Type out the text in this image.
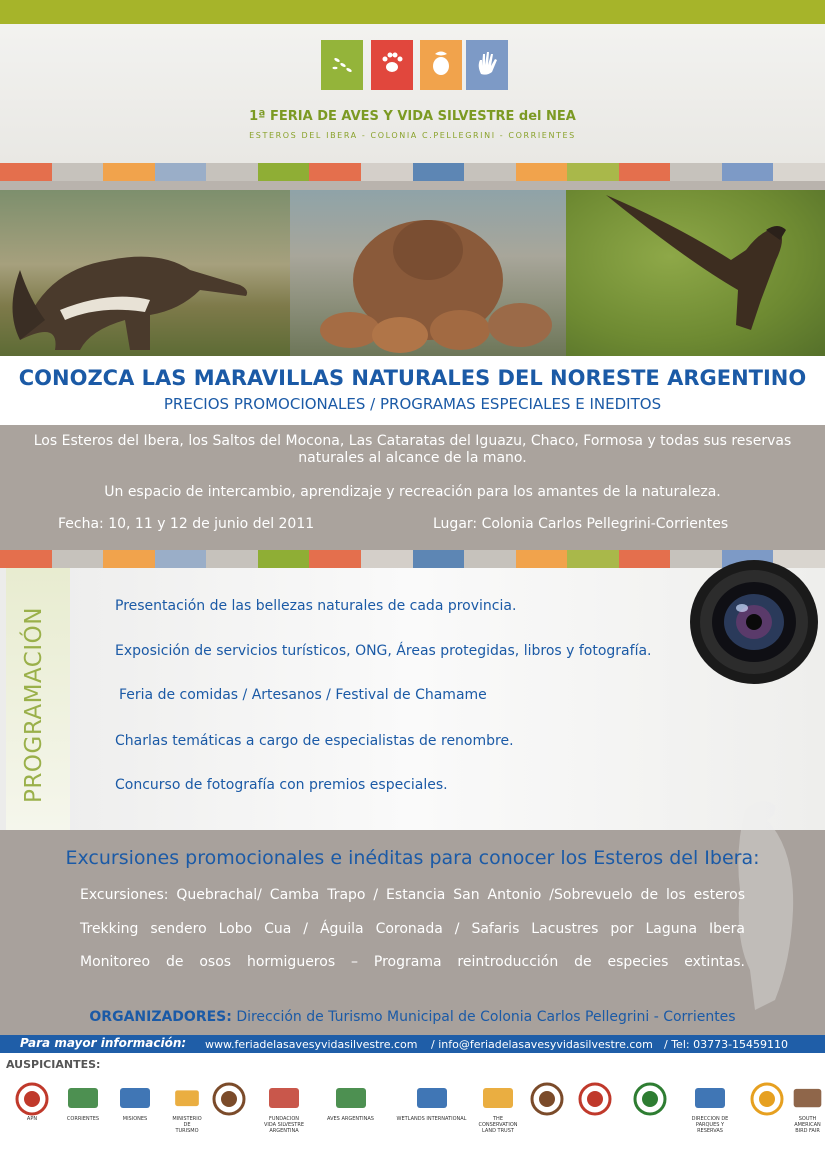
1ª FERIA DE AVES Y VIDA SILVESTRE del NEA
ESTEROS DEL IBERA - COLONIA C.PELLEGRINI - CORRIENTES
CONOZCA LAS MARAVILLAS NATURALES DEL NORESTE ARGENTINO
PRECIOS PROMOCIONALES / PROGRAMAS ESPECIALES E INEDITOS
Los Esteros del Ibera, los Saltos del Mocona, Las Cataratas del Iguazu, Chaco, Formosa y todas sus reservas naturales al alcance de la mano.
Un espacio de intercambio, aprendizaje y recreación para los amantes de la naturaleza.
Fecha: 10, 11 y 12 de junio del 2011	Lugar: Colonia Carlos Pellegrini-Corrientes
PROGRAMACIÓN
Presentación de las bellezas naturales de cada provincia.
Exposición de servicios turísticos, ONG, Áreas protegidas, libros y fotografía.
Feria de comidas / Artesanos / Festival de Chamame
Charlas temáticas a cargo de especialistas de renombre.
Concurso de fotografía con premios especiales.
Excursiones promocionales e inéditas para conocer los Esteros del Ibera:
Excursiones: Quebrachal/ Camba Trapo / Estancia San Antonio /Sobrevuelo de los esteros
Trekking sendero Lobo Cua / Águila Coronada / Safaris Lacustres por Laguna Ibera
Monitoreo de osos hormigueros – Programa reintroducción de especies extintas.
ORGANIZADORES: Dirección de Turismo Municipal de Colonia Carlos Pellegrini - Corrientes
Para mayor información: www.feriadelasavesyvidasilvestre.com / info@feriadelasavesyvidasilvestre.com / Tel: 03773-15459110
AUSPICIANTES:
APN	CORRIENTES	MISIONES	MINISTERIO DE TURISMO
FUNDACION VIDA SILVESTRE ARGENTINA
AVES ARGENTINAS	WETLANDS INTERNATIONAL	THE CONSERVATION LAND TRUST
DIRECCION DE PARQUES Y RESERVAS
SOUTH AMERICAN BIRD FAIR
